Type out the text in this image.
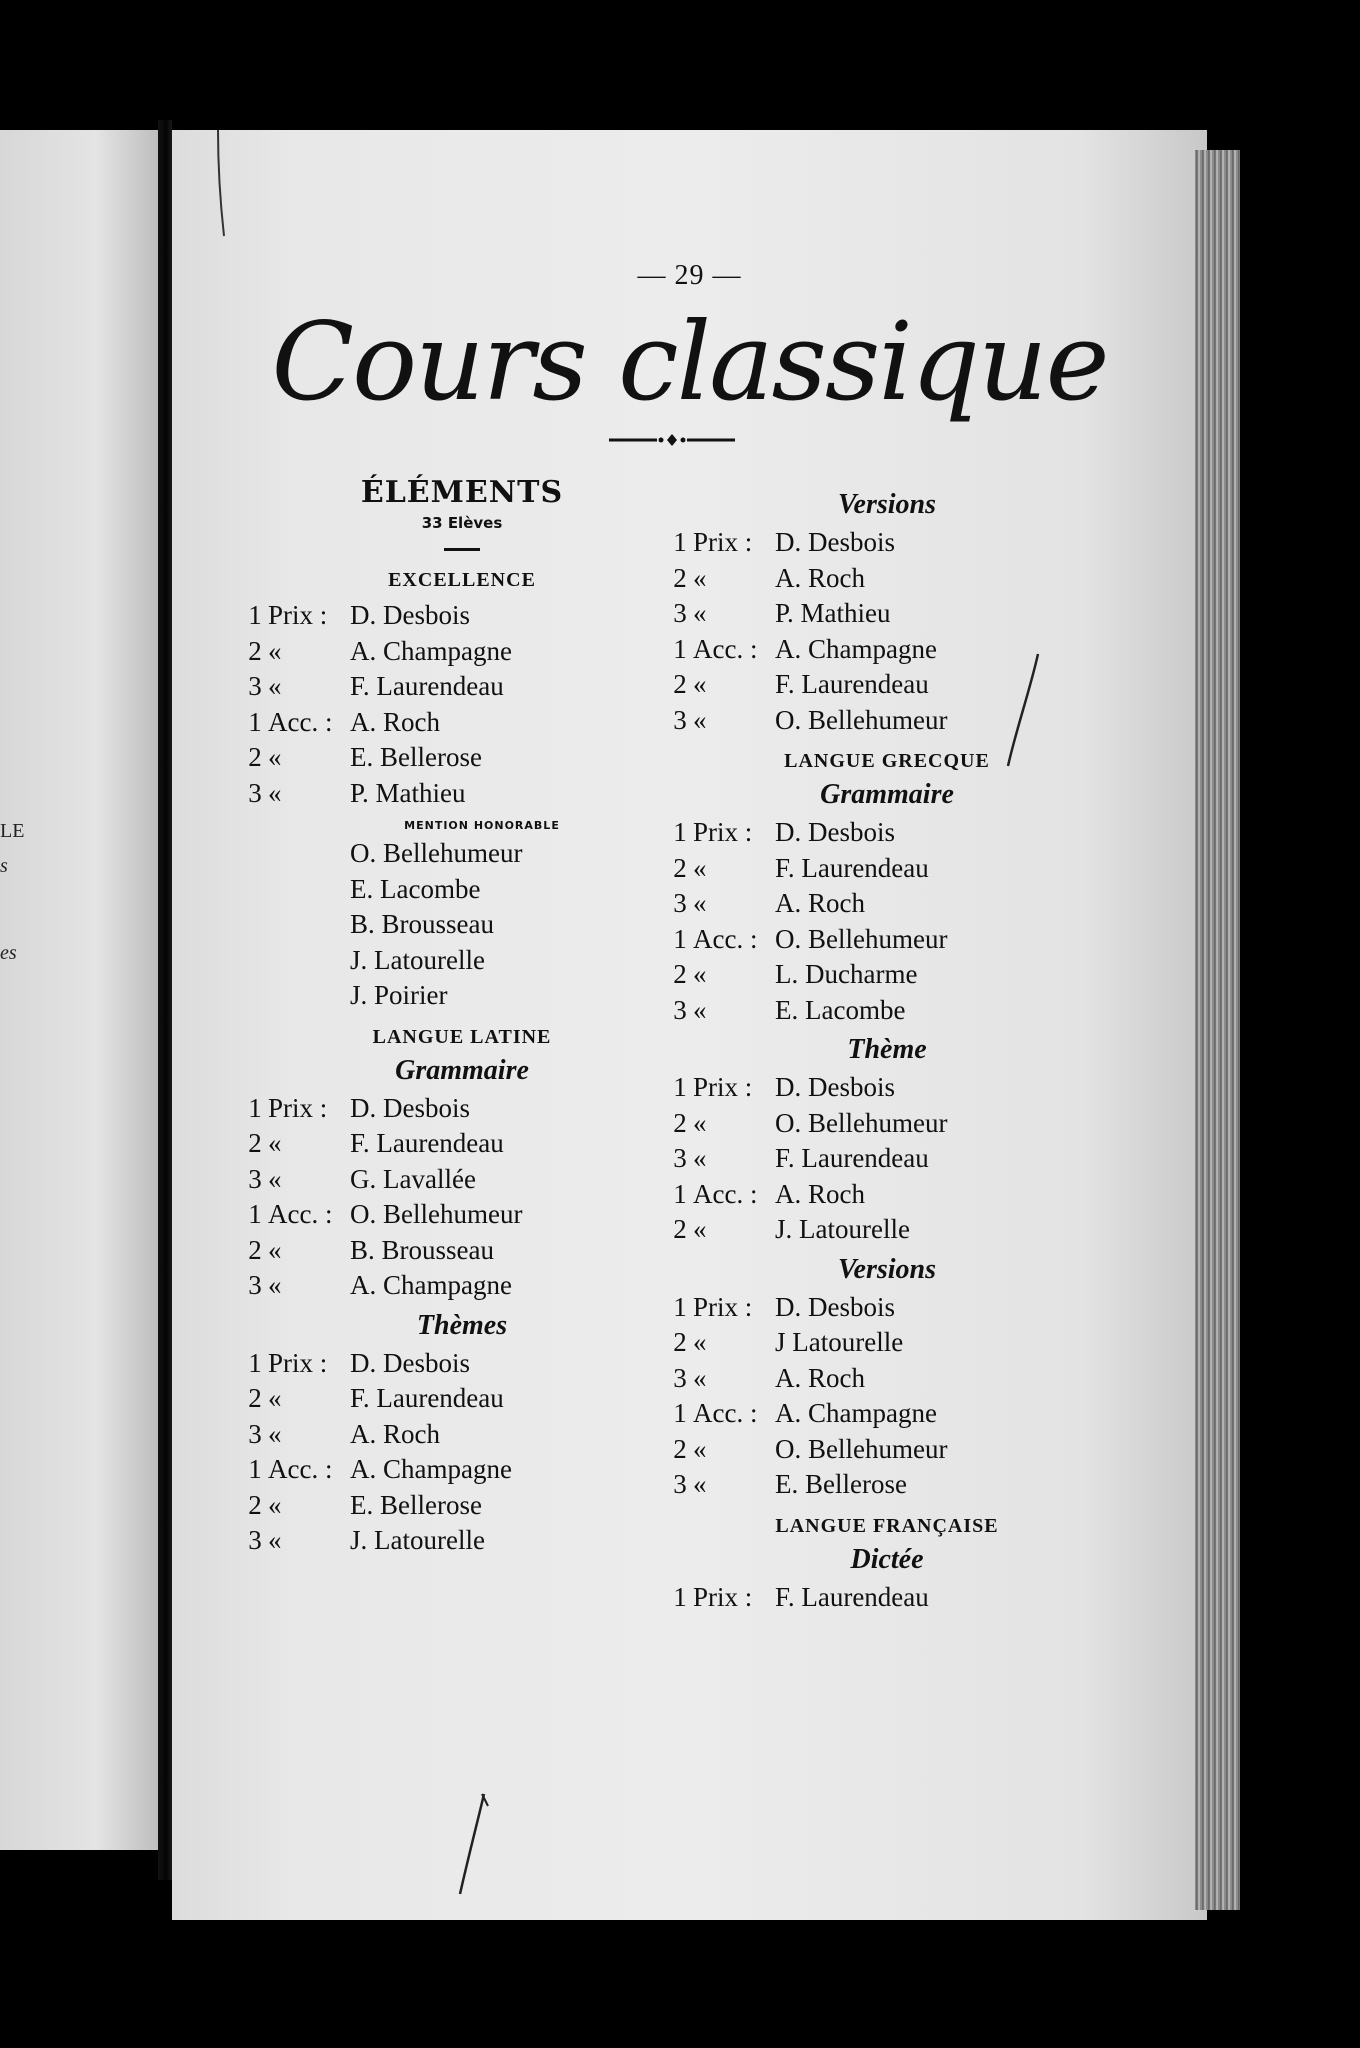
LE
s
es
— 29 —
Cours classique
ÉLÉMENTS
33 Elèves
EXCELLENCE
1 Prix : D. Desbois
2 «	A. Champagne
3 «	F. Laurendeau
1 Acc. : A. Roch
2 «	E. Bellerose
3 «	P. Mathieu
MENTION HONORABLE
O. Bellehumeur
E. Lacombe
B. Brousseau
J. Latourelle
J. Poirier
LANGUE LATINE
Grammaire
1 Prix : D. Desbois
2 «	F. Laurendeau
3 «	G. Lavallée
1 Acc. : O. Bellehumeur
2 «	B. Brousseau
3 «	A. Champagne
Thèmes
1 Prix : D. Desbois
2 «	F. Laurendeau
3 «	A. Roch
1 Acc. : A. Champagne
2 «	E. Bellerose
3 «	J. Latourelle
Versions
1 Prix : D. Desbois
2 «	A. Roch
3 «	P. Mathieu
1 Acc. : A. Champagne
2 «	F. Laurendeau
3 «	O. Bellehumeur
LANGUE GRECQUE
Grammaire
1 Prix : D. Desbois
2 «	F. Laurendeau
3 «	A. Roch
1 Acc. : O. Bellehumeur
2 «	L. Ducharme
3 «	E. Lacombe
Thème
1 Prix : D. Desbois
2 «	O. Bellehumeur
3 «	F. Laurendeau
1 Acc. : A. Roch
2 «	J. Latourelle
Versions
1 Prix : D. Desbois
2 «	J Latourelle
3 «	A. Roch
1 Acc. : A. Champagne
2 «	O. Bellehumeur
3 «	E. Bellerose
LANGUE FRANÇAISE
Dictée
1 Prix : F. Laurendeau
